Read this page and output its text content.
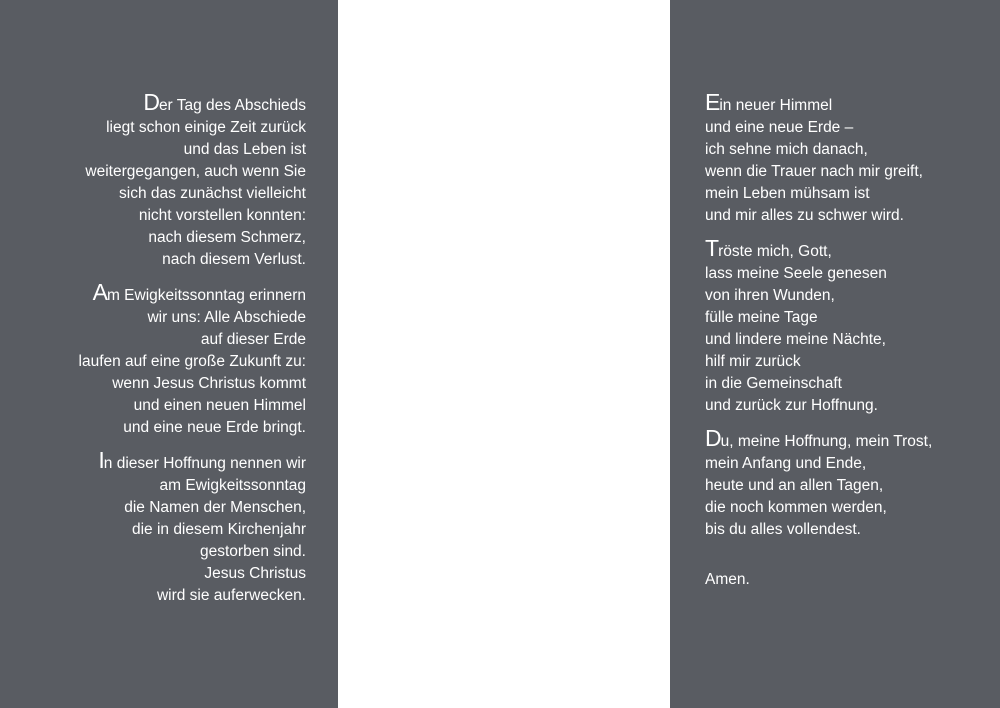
Der Tag des Abschieds
liegt schon einige Zeit zurück
und das Leben ist
weitergegangen, auch wenn Sie
sich das zunächst vielleicht
nicht vorstellen konnten:
nach diesem Schmerz,
nach diesem Verlust.
Am Ewigkeitssonntag erinnern
wir uns: Alle Abschiede
auf dieser Erde
laufen auf eine große Zukunft zu:
wenn Jesus Christus kommt
und einen neuen Himmel
und eine neue Erde bringt.
In dieser Hoffnung nennen wir
am Ewigkeitssonntag
die Namen der Menschen,
die in diesem Kirchenjahr
gestorben sind.
Jesus Christus
wird sie auferwecken.
Ein neuer Himmel
und eine neue Erde –
ich sehne mich danach,
wenn die Trauer nach mir greift,
mein Leben mühsam ist
und mir alles zu schwer wird.
Tröste mich, Gott,
lass meine Seele genesen
von ihren Wunden,
fülle meine Tage
und lindere meine Nächte,
hilf mir zurück
in die Gemeinschaft
und zurück zur Hoffnung.
Du, meine Hoffnung, mein Trost,
mein Anfang und Ende,
heute und an allen Tagen,
die noch kommen werden,
bis du alles vollendest.
Amen.
